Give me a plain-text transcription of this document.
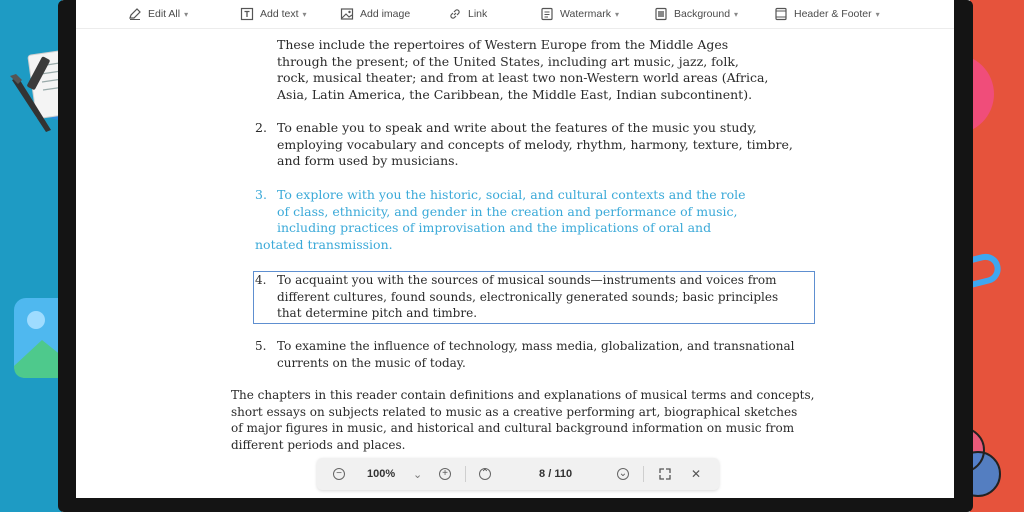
Edit All ▾	Add text ▾	Add image	Link	Watermark ▾	Background ▾	Header & Footer ▾
These include the repertoires of Western Europe from the Middle Ages
through the present; of the United States, including art music, jazz, folk,
rock, musical theater; and from at least two non-Western world areas (Africa,
Asia, Latin America, the Caribbean, the Middle East, Indian subcontinent).
2. To enable you to speak and write about the features of the music you study,
employing vocabulary and concepts of melody, rhythm, harmony, texture, timbre,
and form used by musicians.
3. To explore with you the historic, social, and cultural contexts and the role
of class, ethnicity, and gender in the creation and performance of music,
including practices of improvisation and the implications of oral and
notated transmission.
4. To acquaint you with the sources of musical sounds—instruments and voices from
different cultures, found sounds, electronically generated sounds; basic principles
that determine pitch and timbre.
5. To examine the influence of technology, mass media, globalization, and transnational
currents on the music of today.
The chapters in this reader contain definitions and explanations of musical terms and concepts,
short essays on subjects related to music as a creative performing art, biographical sketches
of major figures in music, and historical and cultural background information on music from
different periods and places.
− 100% ⌄	+	⌃	8
/
110	⌄	✕
